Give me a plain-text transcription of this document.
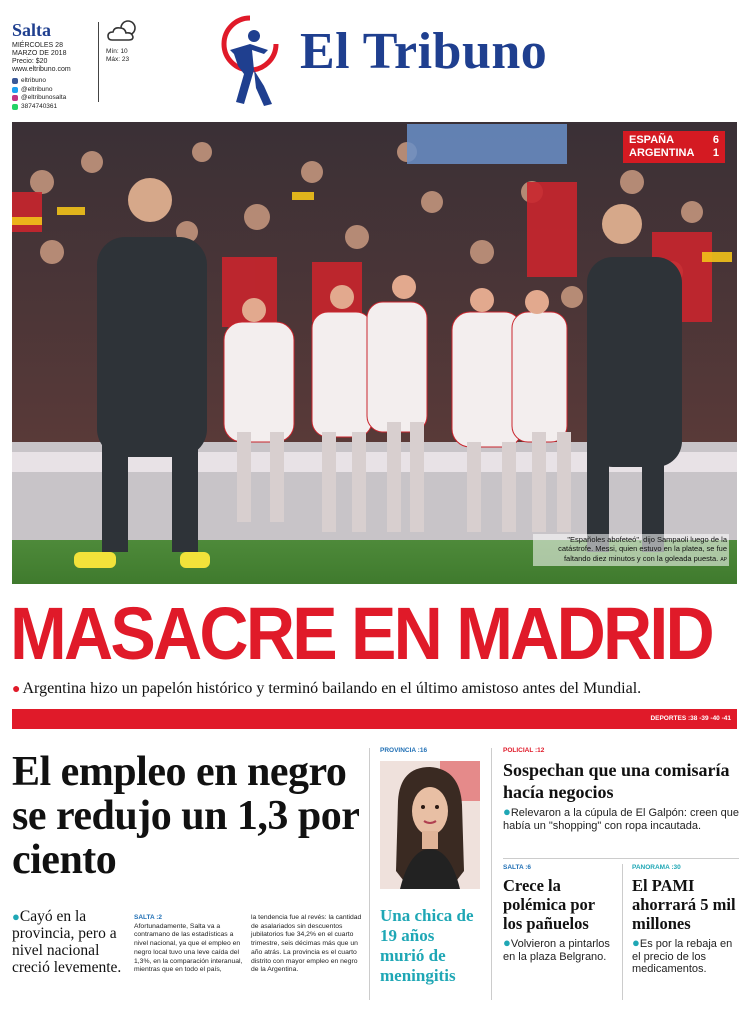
Salta
MIÉRCOLES 28
MARZO DE 2018
Precio: $20
www.eltribuno.com
eltribuno
@eltribuno
@eltribunosalta
3874740361
Mín: 10
Máx: 23	El Tribuno
ESPAÑA	6
ARGENTINA 1
"Españoles abofeteó", dijo Sampaoli luego de la catástrofe. Messi, quien estuvo en la platea, se fue faltando diez minutos y con la goleada puesta. AP
MASACRE EN MADRID

● Argentina hizo un papelón histórico y terminó bailando en el último amistoso antes del Mundial.

DEPORTES :38 -39 -40 -41
El empleo en negro se redujo un 1,3 por ciento

●Cayó en la provincia, pero a nivel nacional creció levemente.

SALTA :2
Afortunadamente, Salta va a contramano de las estadísticas a nivel nacional, ya que el empleo en negro local tuvo una leve caída del 1,3%, en la comparación interanual, mientras que en todo el país,
la tendencia fue al revés: la cantidad de asalariados sin descuentos jubilatorios fue 34,2% en el cuarto trimestre, seis décimas más que un año atrás. La provincia es el cuarto distrito con mayor empleo en negro de la Argentina.
PROVINCIA :16
Una chica de 19 años murió de meningitis
POLICIAL :12
Sospechan que una comisaría hacía negocios
●Relevaron a la cúpula de El Galpón: creen que había un "shopping" con ropa incautada.
SALTA :6
Crece la polémica por los pañuelos
●Volvieron a pintarlos en la plaza Belgrano.
PANORAMA :30
El PAMI ahorrará 5 mil millones
●Es por la rebaja en el precio de los medicamentos.
